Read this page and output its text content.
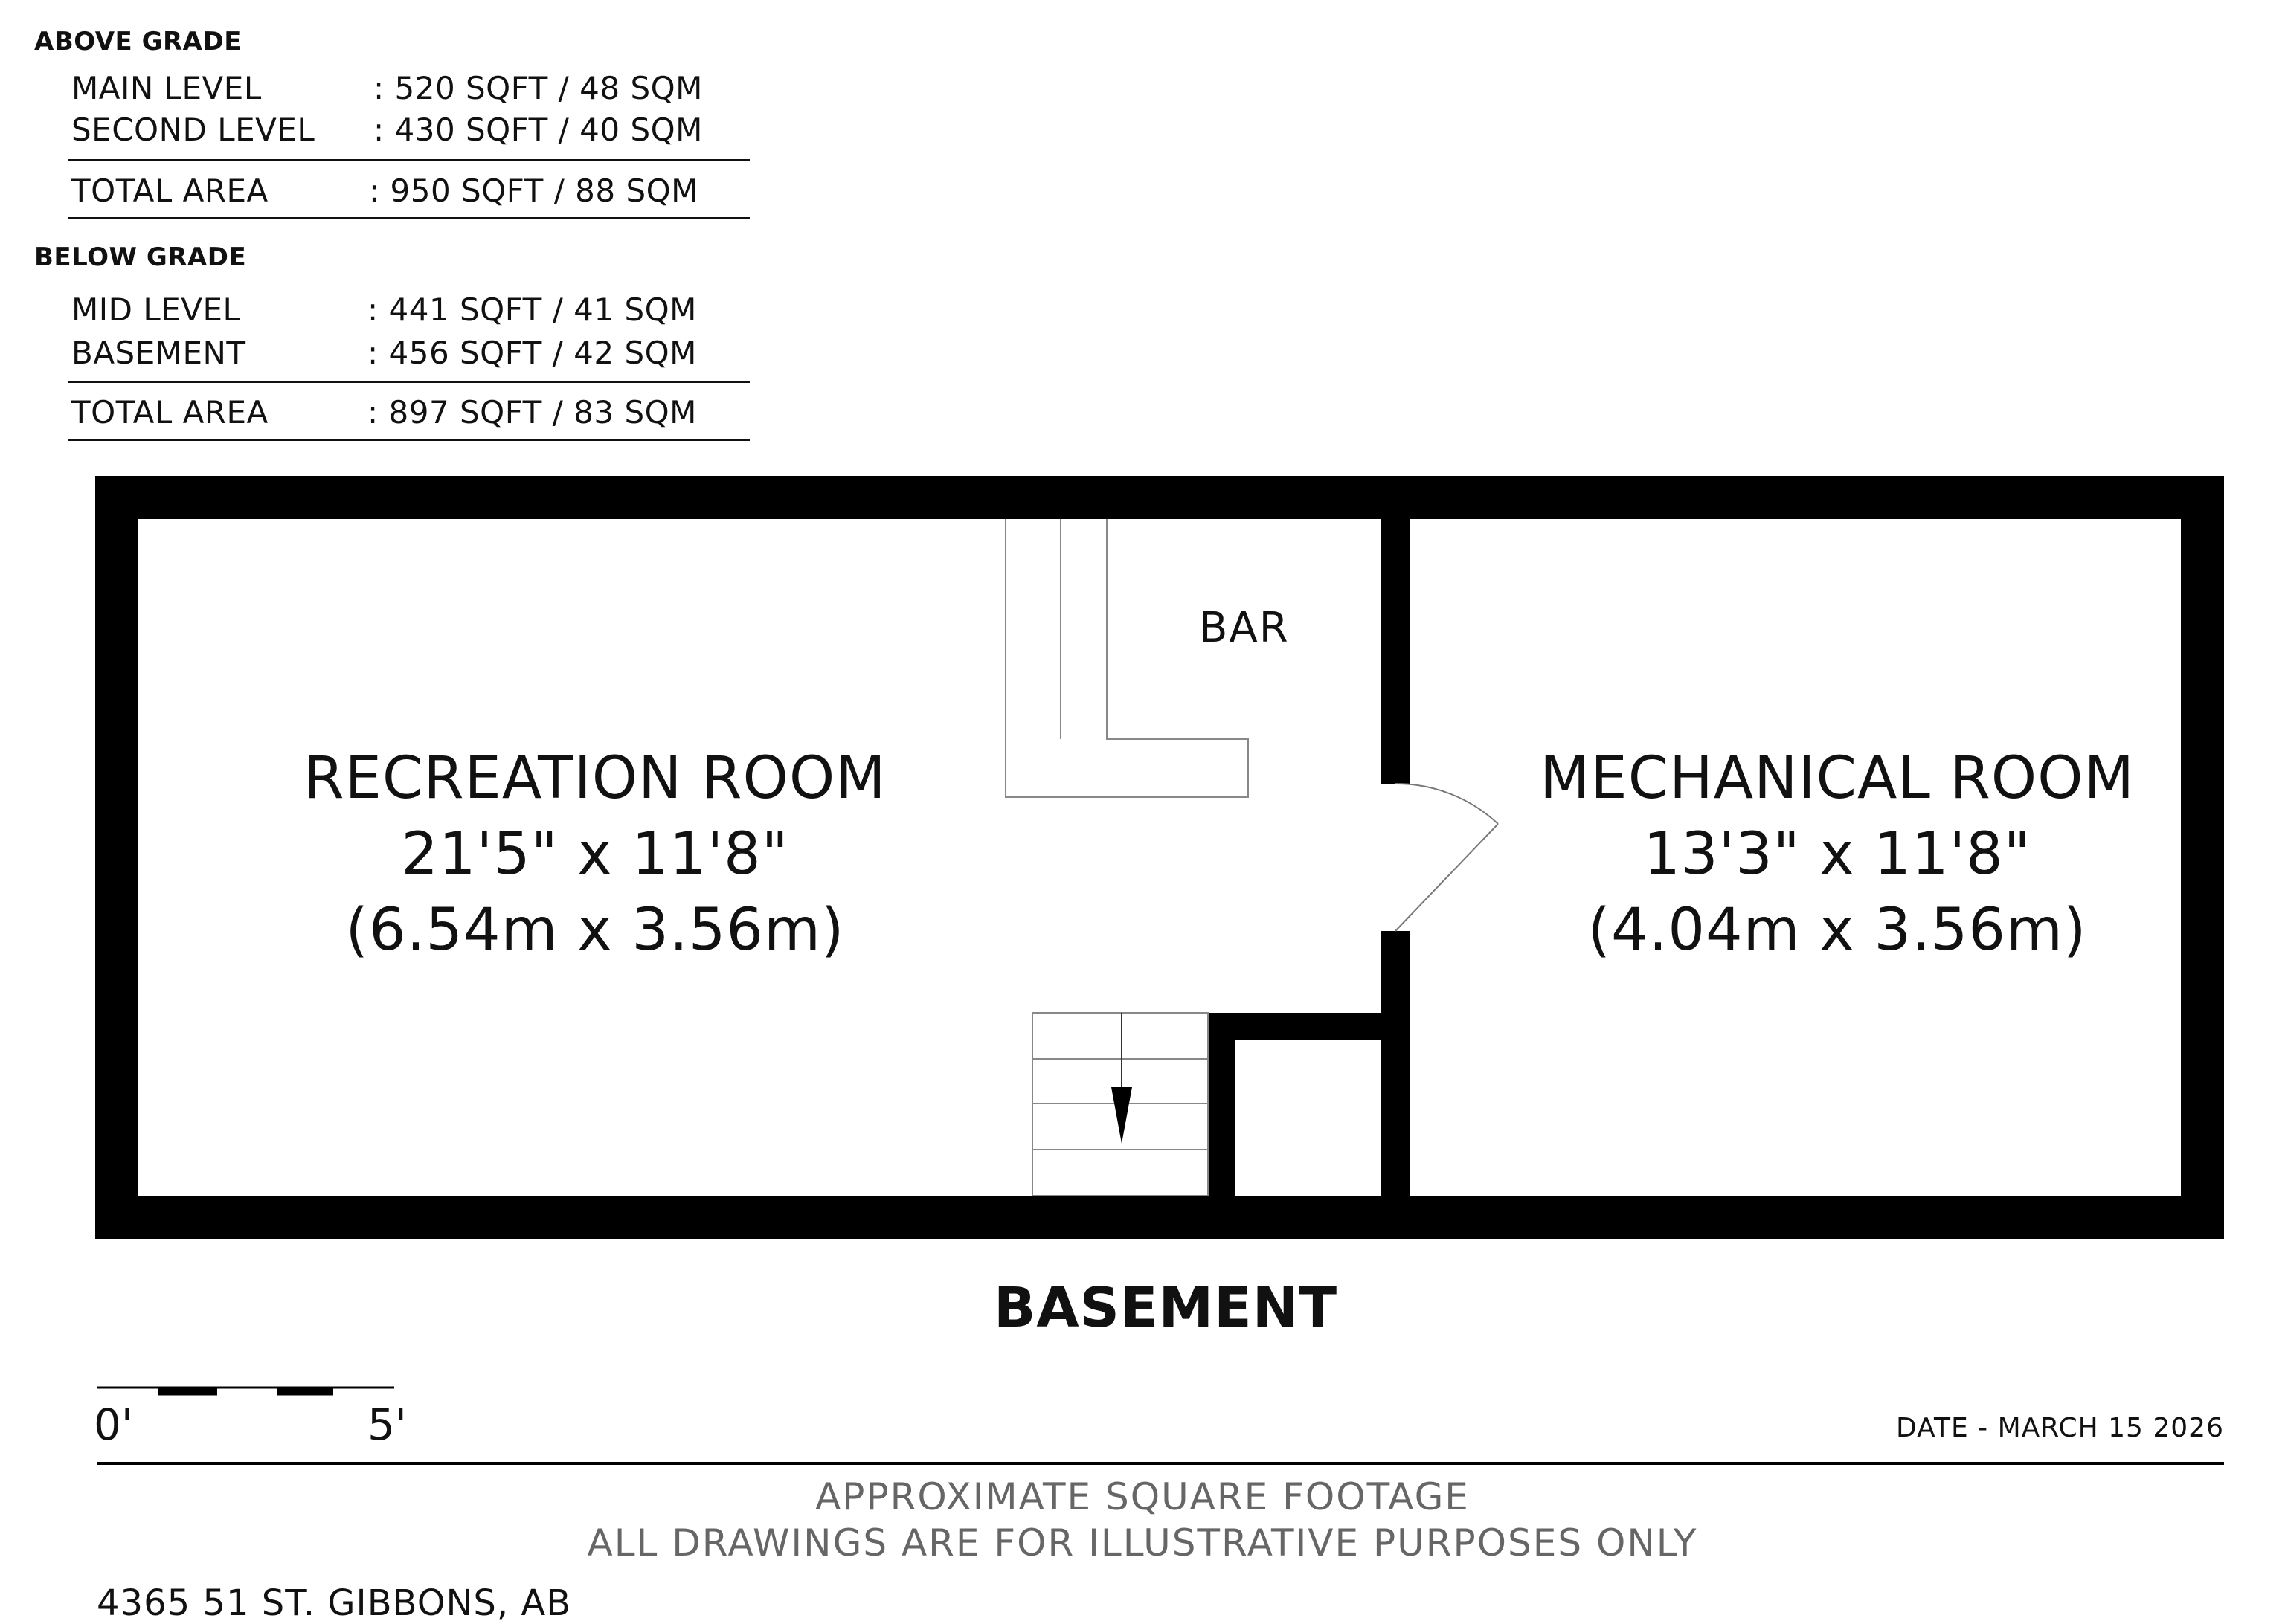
ABOVE GRADE
MAIN LEVEL	: 520 SQFT / 48 SQM
SECOND LEVEL : 430 SQFT / 40 SQM
TOTAL AREA	: 950 SQFT / 88 SQM
BELOW GRADE
MID LEVEL	: 441 SQFT / 41 SQM
BASEMENT	: 456 SQFT / 42 SQM
TOTAL AREA	: 897 SQFT / 83 SQM
RECREATION ROOM
21'5" x 11'8"
(6.54m x 3.56m)
MECHANICAL ROOM
13'3" x 11'8"
(4.04m x 3.56m)
BAR
BASEMENT
0'	5'	DATE - MARCH 15 2026
APPROXIMATE SQUARE FOOTAGE
ALL DRAWINGS ARE FOR ILLUSTRATIVE PURPOSES ONLY
4365 51 ST. GIBBONS, AB
